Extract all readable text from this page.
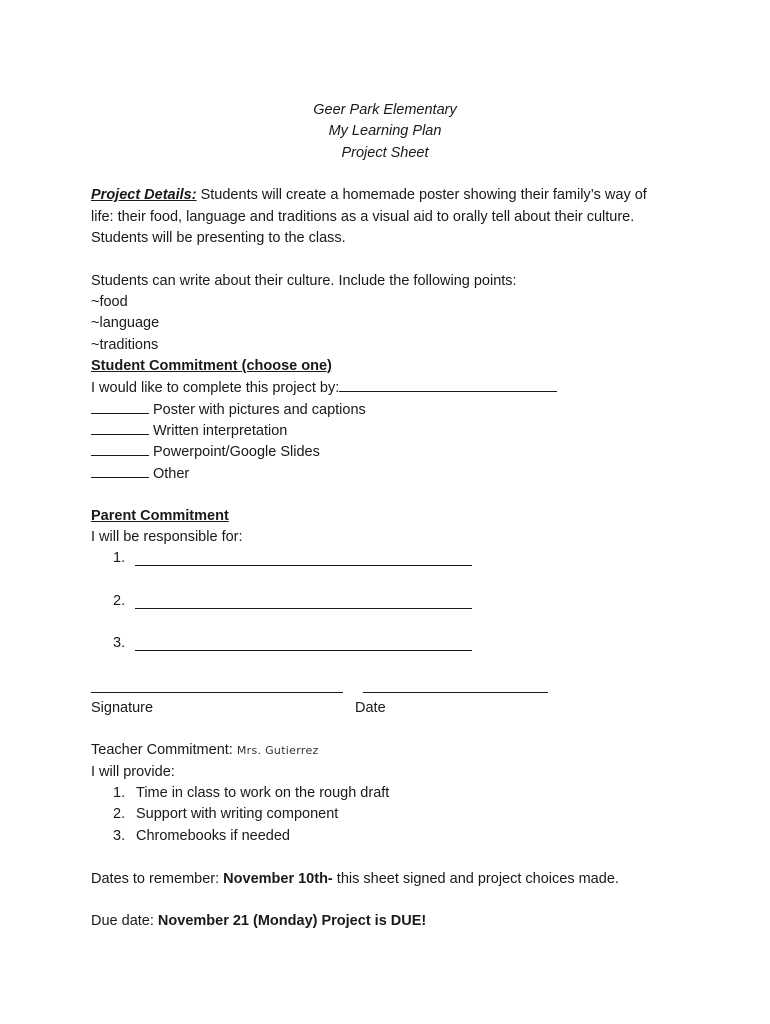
Geer Park Elementary
My Learning Plan
Project Sheet
Project Details: Students will create a homemade poster showing their family’s way of
life: their food, language and traditions as a visual aid to orally tell about their culture.
Students will be presenting to the class.
Students can write about their culture. Include the following points:
~food
~language
~traditions
Student Commitment (choose one)
I would like to complete this project by:
Poster with pictures and captions
Written interpretation
Powerpoint/Google Slides
Other
Parent Commitment
I will be responsible for:
1.
2.
3.
Signature	Date
Teacher Commitment: Mrs. Gutierrez
I will provide:
1. Time in class to work on the rough draft
2. Support with writing component
3. Chromebooks if needed
Dates to remember: November 10th- this sheet signed and project choices made.
Due date: November 21 (Monday) Project is DUE!
